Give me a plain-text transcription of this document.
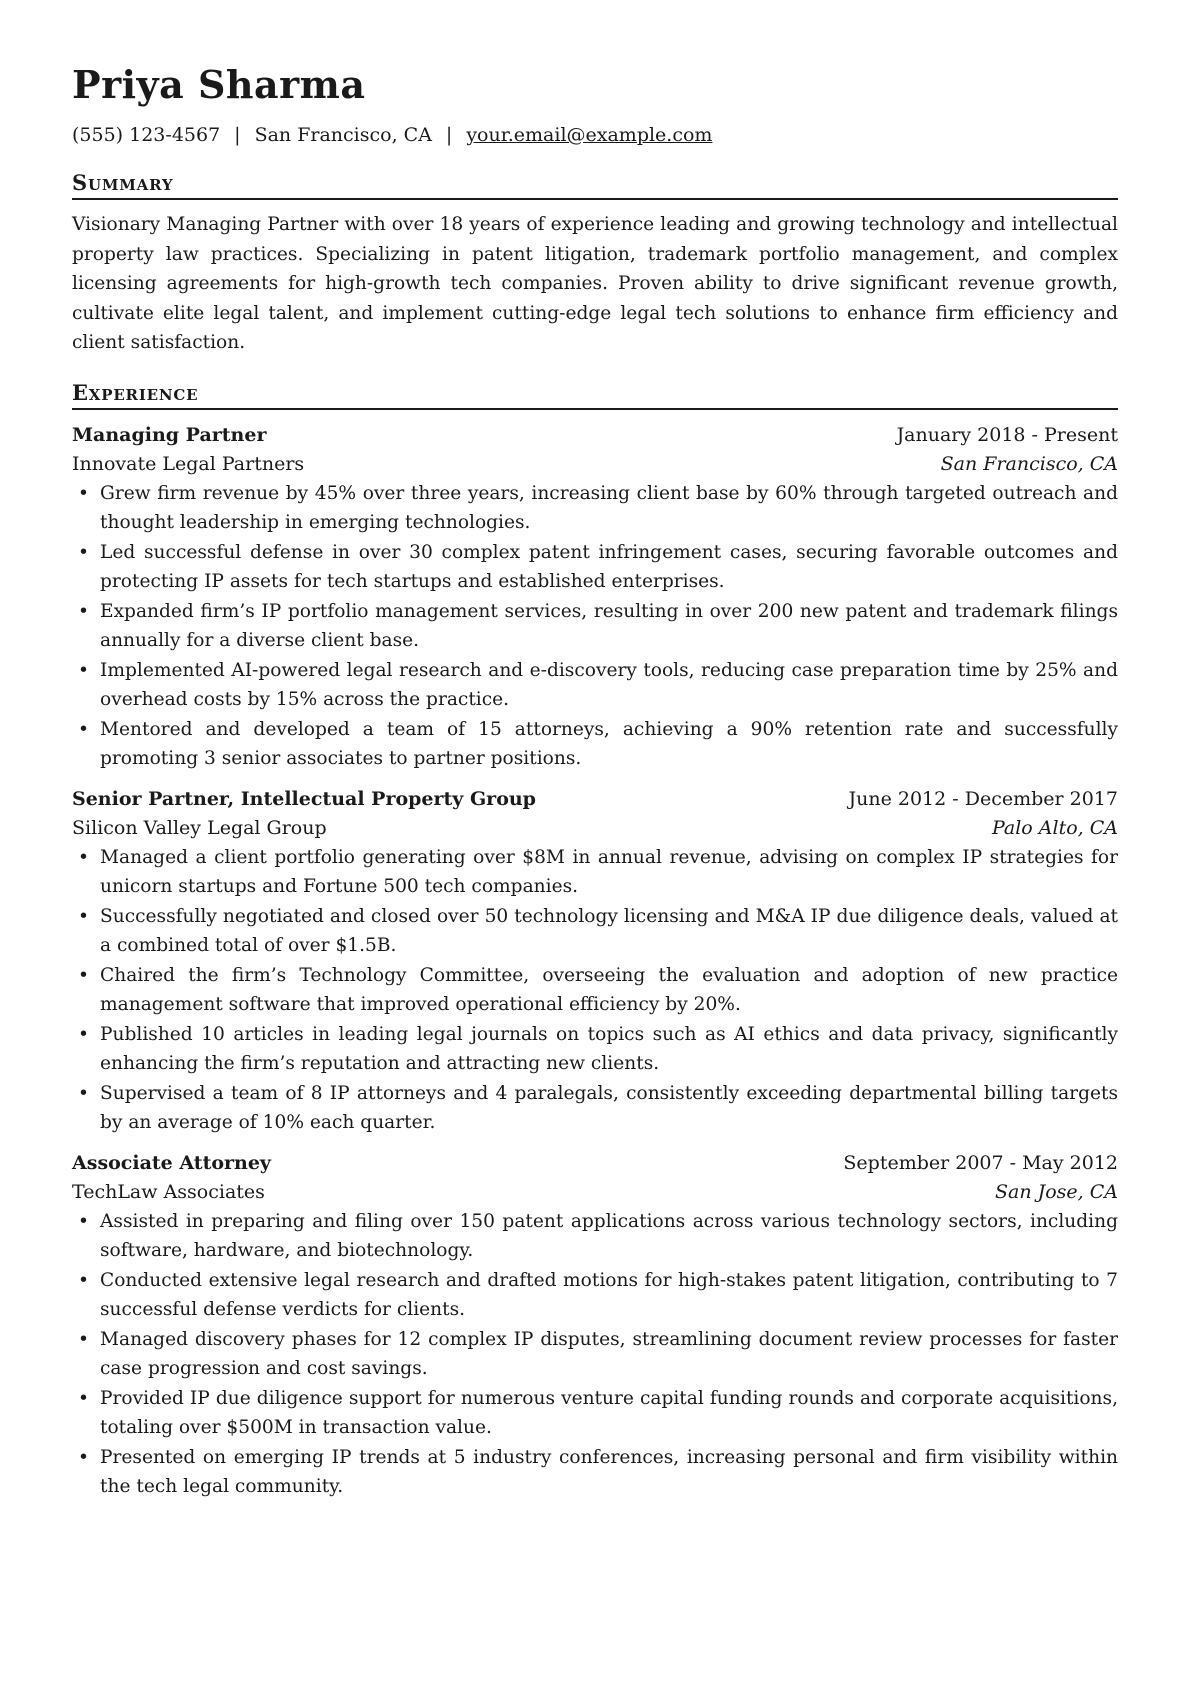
Priya Sharma
(555) 123-4567 | San Francisco, CA | your.email@example.com
Summary
Visionary Managing Partner with over 18 years of experience leading and growing technology and intellectual property law practices. Specializing in patent litigation, trademark portfolio management, and complex licensing agreements for high-growth tech companies. Proven ability to drive significant revenue growth, cultivate elite legal talent, and implement cutting-edge legal tech solutions to enhance firm efficiency and client satisfaction.
Experience
Managing Partner	January 2018 - Present
Innovate Legal Partners	San Francisco, CA
• Grew firm revenue by 45% over three years, increasing client base by 60% through targeted outreach and thought leadership in emerging technologies.
• Led successful defense in over 30 complex patent infringement cases, securing favorable outcomes and protecting IP assets for tech startups and established enterprises.
• Expanded firm’s IP portfolio management services, resulting in over 200 new patent and trademark filings annually for a diverse client base.
• Implemented AI-powered legal research and e-discovery tools, reducing case preparation time by 25% and overhead costs by 15% across the practice.
• Mentored and developed a team of 15 attorneys, achieving a 90% retention rate and successfully promoting 3 senior associates to partner positions.
Senior Partner, Intellectual Property Group	June 2012 - December 2017
Silicon Valley Legal Group	Palo Alto, CA
• Managed a client portfolio generating over $8M in annual revenue, advising on complex IP strategies for unicorn startups and Fortune 500 tech companies.
• Successfully negotiated and closed over 50 technology licensing and M&A IP due diligence deals, valued at a combined total of over $1.5B.
• Chaired the firm’s Technology Committee, overseeing the evaluation and adoption of new practice management software that improved operational efficiency by 20%.
• Published 10 articles in leading legal journals on topics such as AI ethics and data privacy, significantly enhancing the firm’s reputation and attracting new clients.
• Supervised a team of 8 IP attorneys and 4 paralegals, consistently exceeding departmental billing targets by an average of 10% each quarter.
Associate Attorney	September 2007 - May 2012
TechLaw Associates	San Jose, CA
• Assisted in preparing and filing over 150 patent applications across various technology sectors, including software, hardware, and biotechnology.
• Conducted extensive legal research and drafted motions for high-stakes patent litigation, contributing to 7 successful defense verdicts for clients.
• Managed discovery phases for 12 complex IP disputes, streamlining document review processes for faster case progression and cost savings.
• Provided IP due diligence support for numerous venture capital funding rounds and corporate acquisitions, totaling over $500M in transaction value.
• Presented on emerging IP trends at 5 industry conferences, increasing personal and firm visibility within the tech legal community.
